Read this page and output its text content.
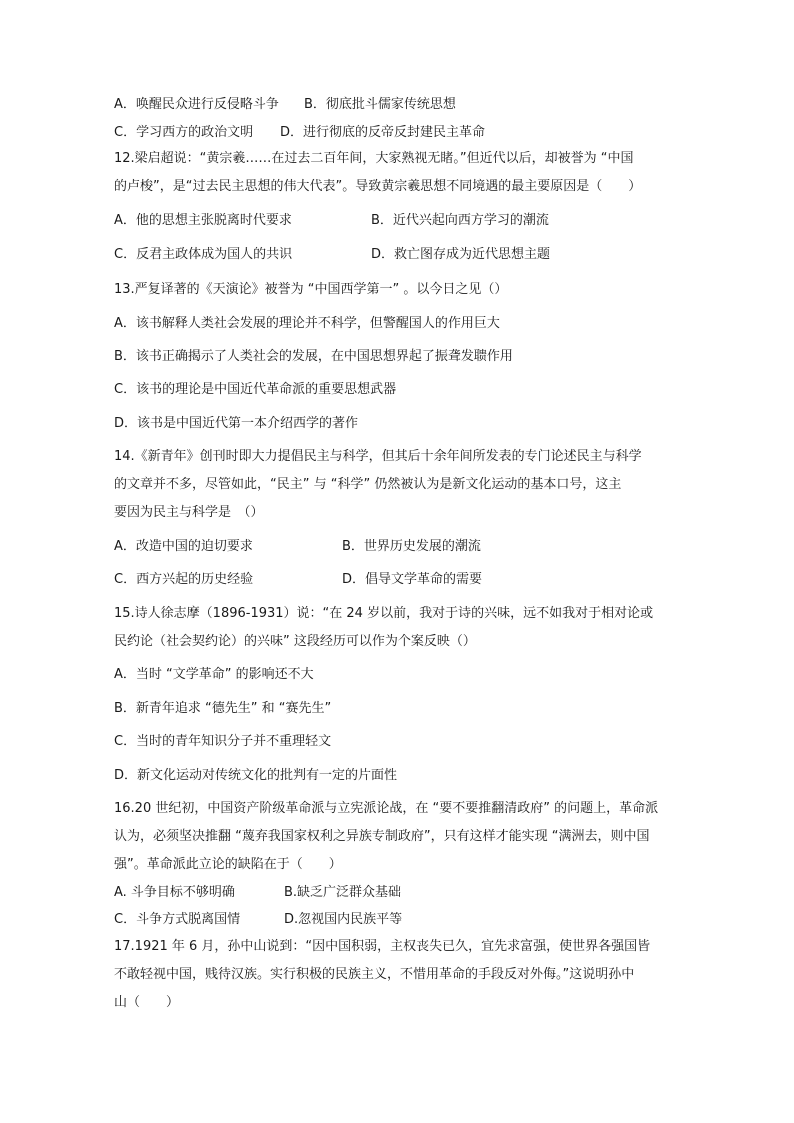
A．唤醒民众进行反侵略斗争 B．彻底批斗儒家传统思想
C．学习西方的政治文明 D．进行彻底的反帝反封建民主革命
12.梁启超说：“黄宗羲……在过去二百年间，大家熟视无睹。”但近代以后，却被誉为 “中国
的卢梭”，是“过去民主思想的伟大代表”。导致黄宗羲思想不同境遇的最主要原因是（　　）
A．他的思想主张脱离时代要求	B．近代兴起向西方学习的潮流
C．反君主政体成为国人的共识	D．救亡图存成为近代思想主题
13.严复译著的《天演论》被誉为 “中国西学第一” 。以今日之见（）
A．该书解释人类社会发展的理论并不科学，但警醒国人的作用巨大
B．该书正确揭示了人类社会的发展，在中国思想界起了振聋发聩作用
C．该书的理论是中国近代革命派的重要思想武器
D．该书是中国近代第一本介绍西学的著作
14.《新青年》创刊时即大力提倡民主与科学，但其后十余年间所发表的专门论述民主与科学
的文章并不多，尽管如此，“民主” 与 “科学” 仍然被认为是新文化运动的基本口号，这主
要因为民主与科学是　（）
A．改造中国的迫切要求	B．世界历史发展的潮流
C．西方兴起的历史经验	D．倡导文学革命的需要
15.诗人徐志摩（1896-1931）说：“在 24 岁以前，我对于诗的兴味，远不如我对于相对论或
民约论（社会契约论）的兴味” 这段经历可以作为个案反映（）
A．当时 “文学革命” 的影响还不大
B．新青年追求 “德先生” 和 “赛先生”
C．当时的青年知识分子并不重理轻文
D．新文化运动对传统文化的批判有一定的片面性
16.20 世纪初，中国资产阶级革命派与立宪派论战，在 “要不要推翻清政府” 的问题上，革命派
认为，必须坚决推翻 “蔑弃我国家权利之异族专制政府”，只有这样才能实现 “满洲去，则中国
强”。革命派此立论的缺陷在于（　　）
A. 斗争目标不够明确	B.缺乏广泛群众基础
C．斗争方式脱离国情	D.忽视国内民族平等
17.1921 年 6 月，孙中山说到：“因中国积弱，主权丧失已久，宜先求富强，使世界各强国皆
不敢轻视中国，贱待汉族。实行积极的民族主义，不惜用革命的手段反对外侮。”这说明孙中
山（　　）
